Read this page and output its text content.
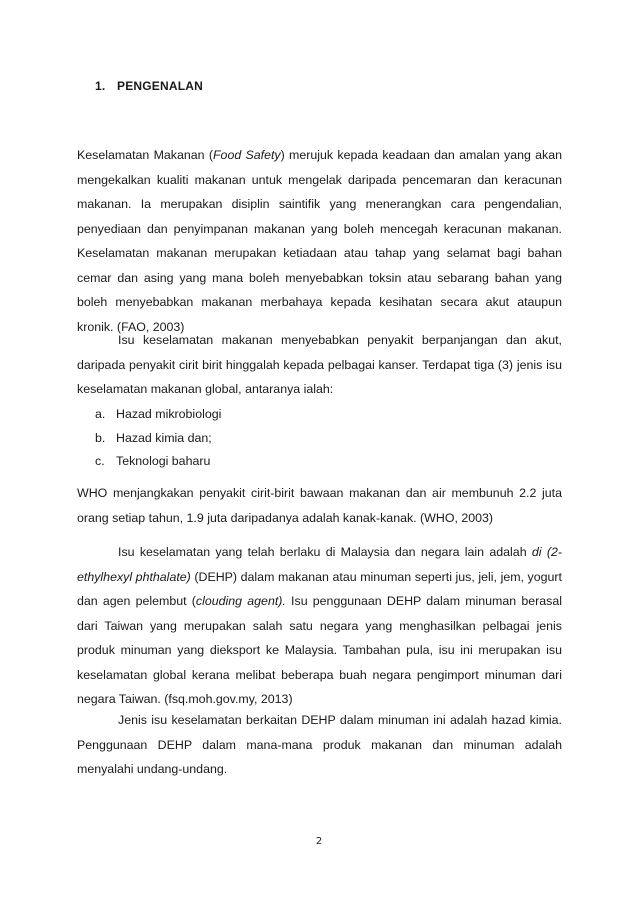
1. PENGENALAN

Keselamatan Makanan (Food Safety) merujuk kepada keadaan dan amalan yang akan mengekalkan kualiti makanan untuk mengelak daripada pencemaran dan keracunan makanan. Ia merupakan disiplin saintifik yang menerangkan cara pengendalian, penyediaan dan penyimpanan makanan yang boleh mencegah keracunan makanan. Keselamatan makanan merupakan ketiadaan atau tahap yang selamat bagi bahan cemar dan asing yang mana boleh menyebabkan toksin atau sebarang bahan yang boleh menyebabkan makanan merbahaya kepada kesihatan secara akut ataupun kronik. (FAO, 2003)

Isu keselamatan makanan menyebabkan penyakit berpanjangan dan akut, daripada penyakit cirit birit hinggalah kepada pelbagai kanser. Terdapat tiga (3) jenis isu keselamatan makanan global, antaranya ialah:

a. Hazad mikrobiologi
b. Hazad kimia dan;
c. Teknologi baharu

WHO menjangkakan penyakit cirit-birit bawaan makanan dan air membunuh 2.2 juta orang setiap tahun, 1.9 juta daripadanya adalah kanak-kanak. (WHO, 2003)

Isu keselamatan yang telah berlaku di Malaysia dan negara lain adalah di (2-ethylhexyl phthalate) (DEHP) dalam makanan atau minuman seperti jus, jeli, jem, yogurt dan agen pelembut (clouding agent). Isu penggunaan DEHP dalam minuman berasal dari Taiwan yang merupakan salah satu negara yang menghasilkan pelbagai jenis produk minuman yang dieksport ke Malaysia. Tambahan pula, isu ini merupakan isu keselamatan global kerana melibat beberapa buah negara pengimport minuman dari negara Taiwan. (fsq.moh.gov.my, 2013)

Jenis isu keselamatan berkaitan DEHP dalam minuman ini adalah hazad kimia. Penggunaan DEHP dalam mana-mana produk makanan dan minuman adalah menyalahi undang-undang.

2
